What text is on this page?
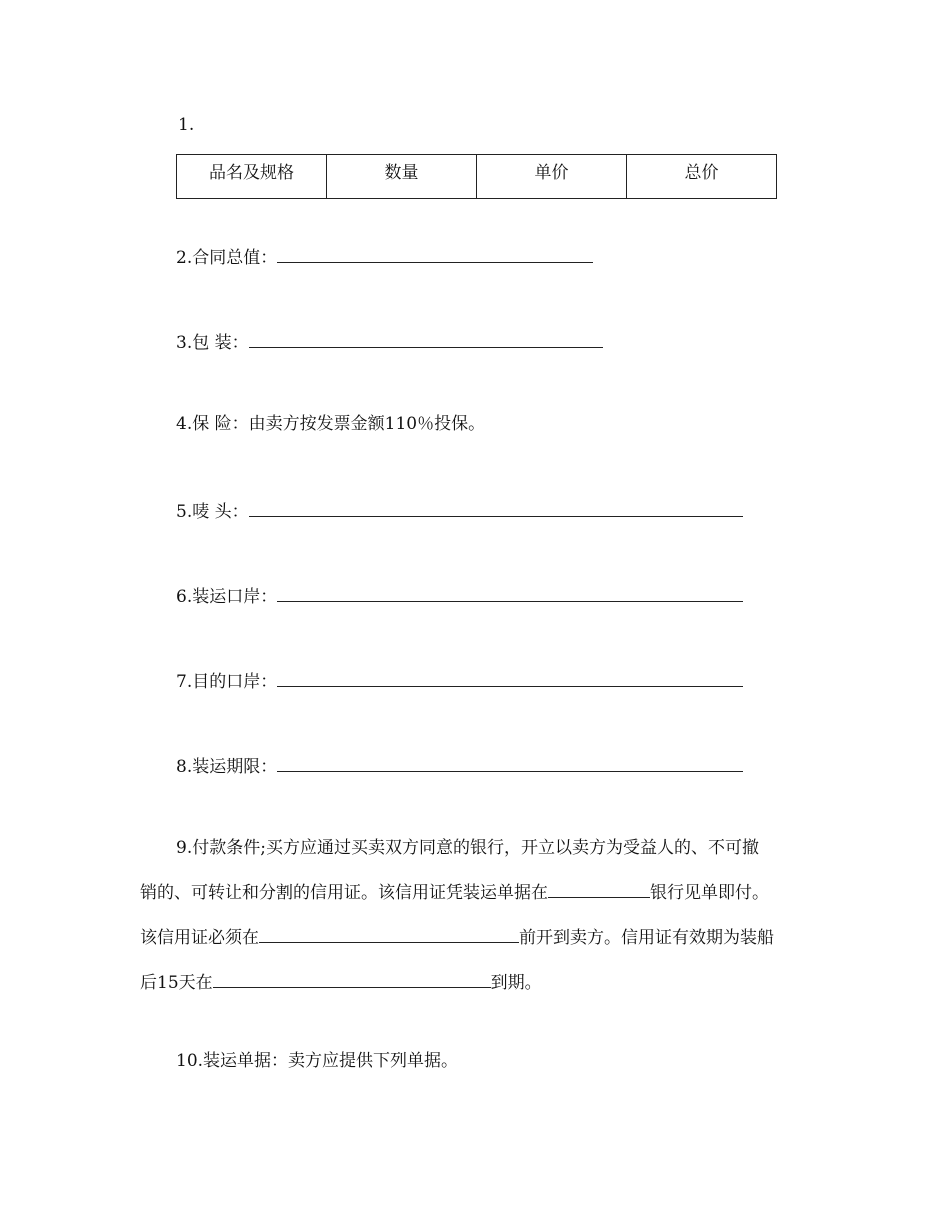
1.
品名及规格	数量	单价	总价
2.合同总值：
3.包 装：
4.保 险：由卖方按发票金额110％投保。
5.唛 头：
6.装运口岸：
7.目的口岸：
8.装运期限：
9.付款条件;买方应通过买卖双方同意的银行，开立以卖方为受益人的、不可撤
销的、可转让和分割的信用证。该信用证凭装运单据在	银行见单即付。
该信用证必须在	前开到卖方。信用证有效期为装船
后15天在	到期。
10.装运单据：卖方应提供下列单据。
